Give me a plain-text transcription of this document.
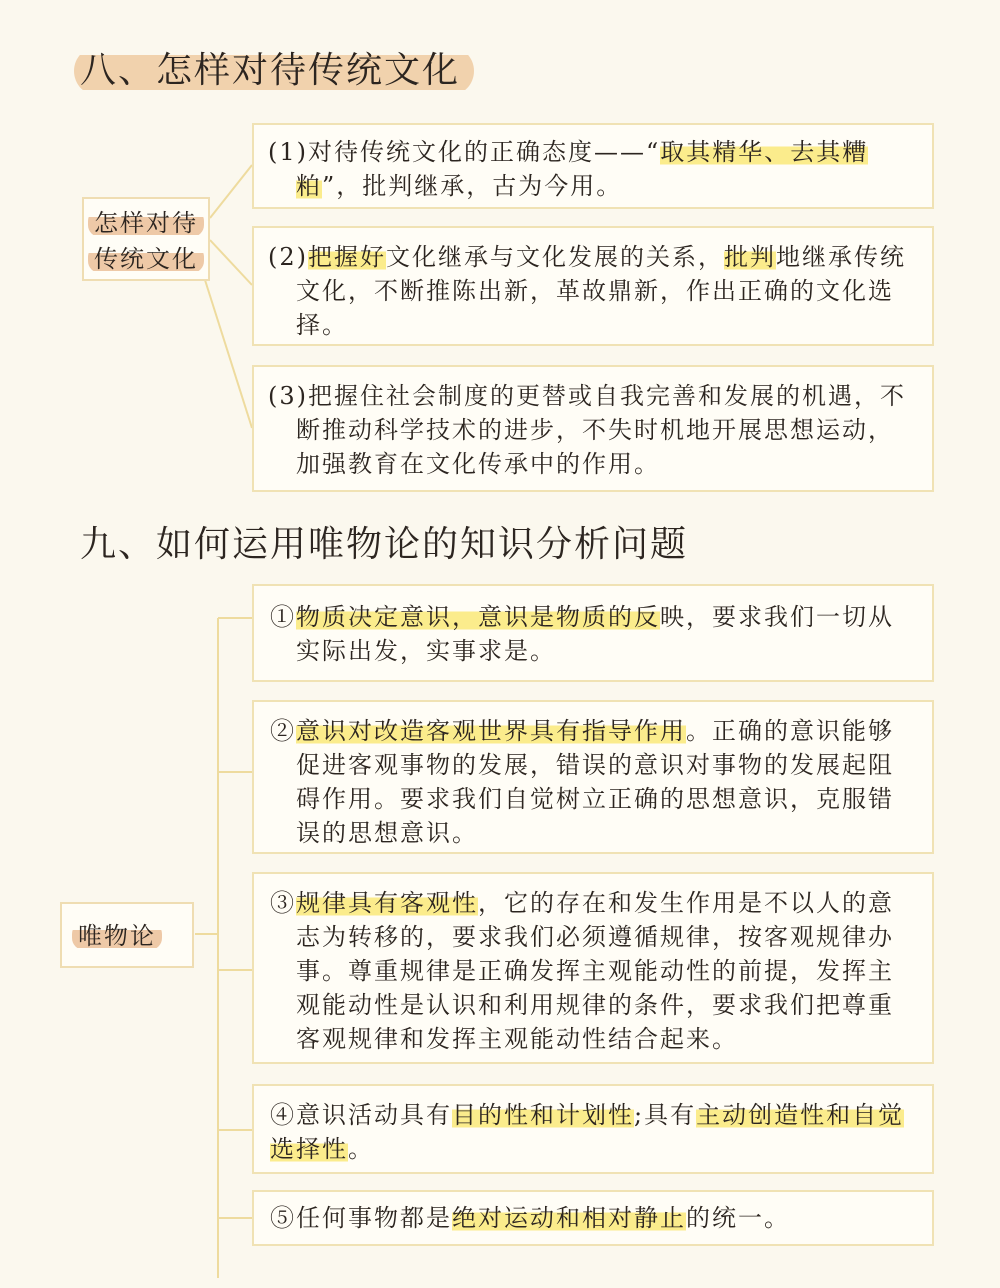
八、怎样对待传统文化
怎样对待
传统文化

(1)对待传统文化的正确态度——“取其精华、去其糟粕”，批判继承，古为今用。

(2)把握好文化继承与文化发展的关系，批判地继承传统文化，不断推陈出新，革故鼎新，作出正确的文化选择。

(3)把握住社会制度的更替或自我完善和发展的机遇，不断推动科学技术的进步，不失时机地开展思想运动，加强教育在文化传承中的作用。

九、如何运用唯物论的知识分析问题
唯物论

①物质决定意识，意识是物质的反映，要求我们一切从实际出发，实事求是。

②意识对改造客观世界具有指导作用。正确的意识能够促进客观事物的发展，错误的意识对事物的发展起阻碍作用。要求我们自觉树立正确的思想意识，克服错误的思想意识。

③规律具有客观性，它的存在和发生作用是不以人的意志为转移的，要求我们必须遵循规律，按客观规律办事。尊重规律是正确发挥主观能动性的前提，发挥主观能动性是认识和利用规律的条件，要求我们把尊重客观规律和发挥主观能动性结合起来。

④意识活动具有目的性和计划性;具有主动创造性和自觉选择性。

⑤任何事物都是绝对运动和相对静止的统一。
